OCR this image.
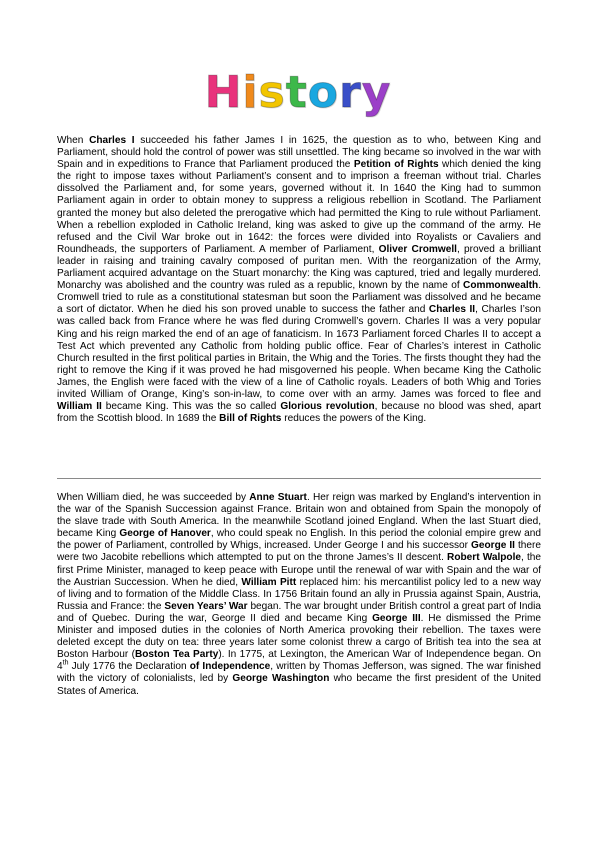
History
When Charles I succeeded his father James I in 1625, the question as to who, between King and Parliament, should hold the control of power was still unsettled. The king became so involved in the war with Spain and in expeditions to France that Parliament produced the Petition of Rights which denied the king the right to impose taxes without Parliament’s consent and to imprison a freeman without trial. Charles dissolved the Parliament and, for some years, governed without it. In 1640 the King had to summon Parliament again in order to obtain money to suppress a religious rebellion in Scotland. The Parliament granted the money but also deleted the prerogative which had permitted the King to rule without Parliament. When a rebellion exploded in Catholic Ireland, king was asked to give up the command of the army. He refused and the Civil War broke out in 1642: the forces were divided into Royalists or Cavaliers and Roundheads, the supporters of Parliament. A member of Parliament, Oliver Cromwell, proved a brilliant leader in raising and training cavalry composed of puritan men. With the reorganization of the Army, Parliament acquired advantage on the Stuart monarchy: the King was captured, tried and legally murdered. Monarchy was abolished and the country was ruled as a republic, known by the name of Commonwealth. Cromwell tried to rule as a constitutional statesman but soon the Parliament was dissolved and he became a sort of dictator. When he died his son proved unable to success the father and Charles II, Charles I’son was called back from France where he was fled during Cromwell’s govern. Charles II was a very popular King and his reign marked the end of an age of fanaticism. In 1673 Parliament forced Charles II to accept a Test Act which prevented any Catholic from holding public office. Fear of Charles’s interest in Catholic Church resulted in the first political parties in Britain, the Whig and the Tories. The firsts thought they had the right to remove the King if it was proved he had misgoverned his people. When became King the Catholic James, the English were faced with the view of a line of Catholic royals. Leaders of both Whig and Tories invited William of Orange, King’s son-in-law, to come over with an army. James was forced to flee and William II became King. This was the so called Glorious revolution, because no blood was shed, apart from the Scottish blood. In 1689 the Bill of Rights reduces the powers of the King.
When William died, he was succeeded by Anne Stuart. Her reign was marked by England’s intervention in the war of the Spanish Succession against France. Britain won and obtained from Spain the monopoly of the slave trade with South America. In the meanwhile Scotland joined England. When the last Stuart died, became King George of Hanover, who could speak no English. In this period the colonial empire grew and the power of Parliament, controlled by Whigs, increased. Under George I and his successor George II there were two Jacobite rebellions which attempted to put on the throne James’s II descent. Robert Walpole, the first Prime Minister, managed to keep peace with Europe until the renewal of war with Spain and the war of the Austrian Succession. When he died, William Pitt replaced him: his mercantilist policy led to a new way of living and to formation of the Middle Class. In 1756 Britain found an ally in Prussia against Spain, Austria, Russia and France: the Seven Years’ War began. The war brought under British control a great part of India and of Quebec. During the war, George II died and became King George III. He dismissed the Prime Minister and imposed duties in the colonies of North America provoking their rebellion. The taxes were deleted except the duty on tea: three years later some colonist threw a cargo of British tea into the sea at Boston Harbour (Boston Tea Party). In 1775, at Lexington, the American War of Independence began. On 4th July 1776 the Declaration of Independence, written by Thomas Jefferson, was signed. The war finished with the victory of colonialists, led by George Washington who became the first president of the United States of America.
